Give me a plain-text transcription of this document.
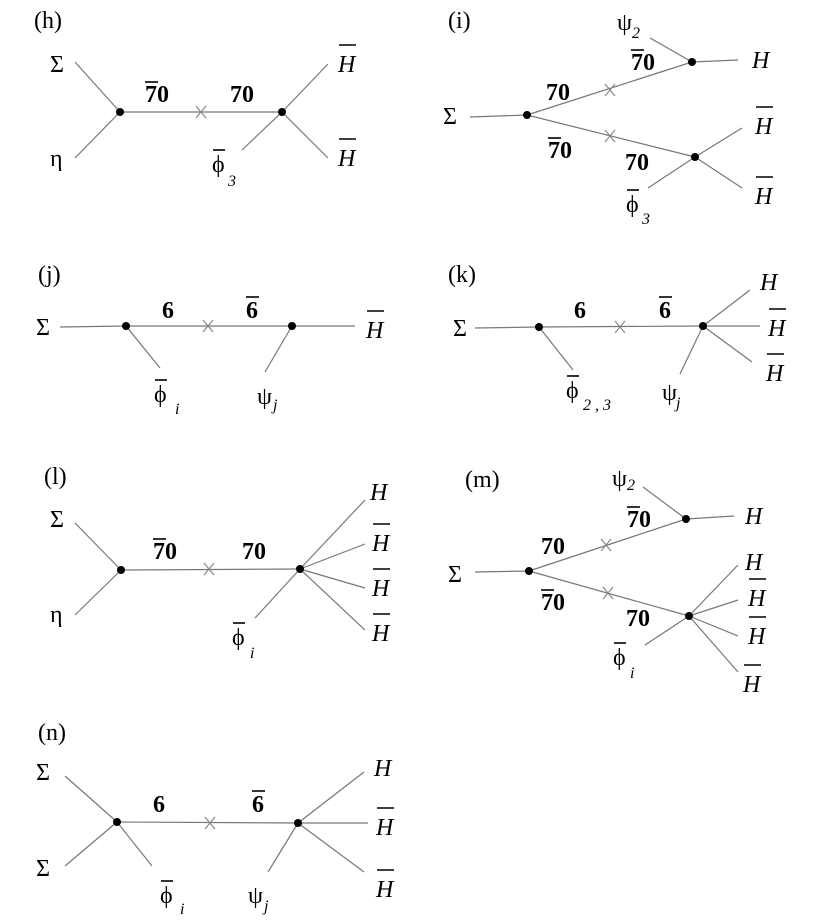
(h)
Σ
η
70	70
ϕ
3
H
H
(i)
Σ
70
70
70 70
ψ 2
ϕ
3
H
H
H
(j)
Σ
6	6
ϕ
i	ψ j
H
(k)
Σ
6	6
ϕ
2 , 3 ψ
j
H
H
H
(l)
Σ
η
70	70
ϕ
i
H
H
H
H
(m)
Σ
70
70
70
70
ψ 2
ϕ
i
H
H
H
H
H
(n)
Σ
Σ
6	6
ϕ
i
ψ j
H
H
H
